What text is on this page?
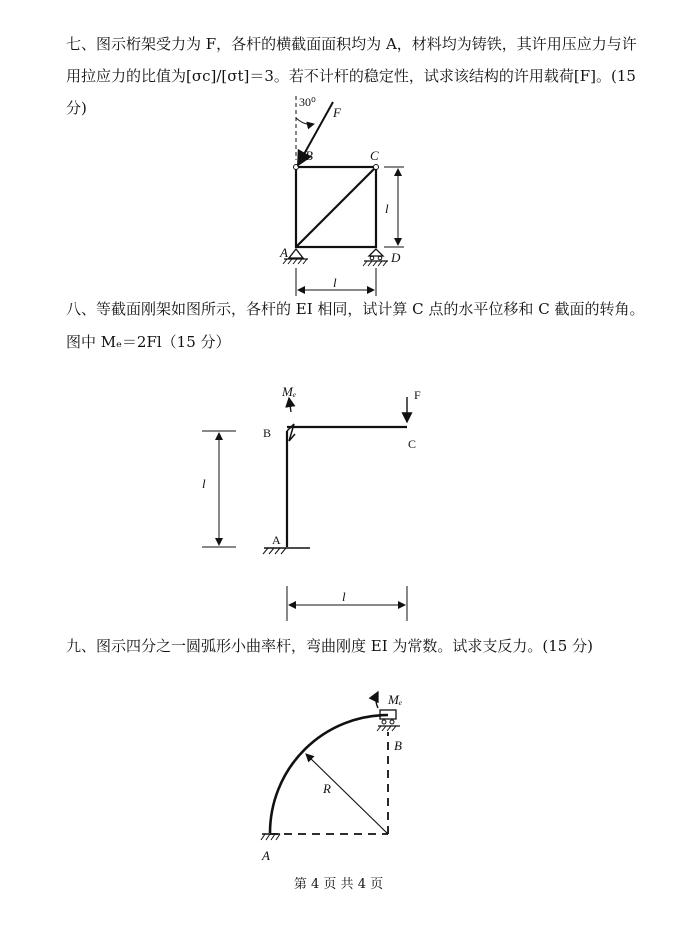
七、图示桁架受力为 F，各杆的横截面面积均为 A，材料均为铸铁，其许用压应力与许
用拉应力的比值为[σc]/[σt]＝3。若不计杆的稳定性，试求该结构的许用载荷[F]。(15
分)
八、等截面刚架如图所示，各杆的 EI 相同，试计算 C 点的水平位移和 C 截面的转角。
图中 Mₑ＝2Fl（15 分）
九、图示四分之一圆弧形小曲率杆，弯曲刚度 EI 为常数。试求支反力。(15 分)
30⁰
F
B	C
A	D
l
l
Mₑ	F
B
C
A
l
l
Mₑ
B
R
A
第 4 页 共 4 页
